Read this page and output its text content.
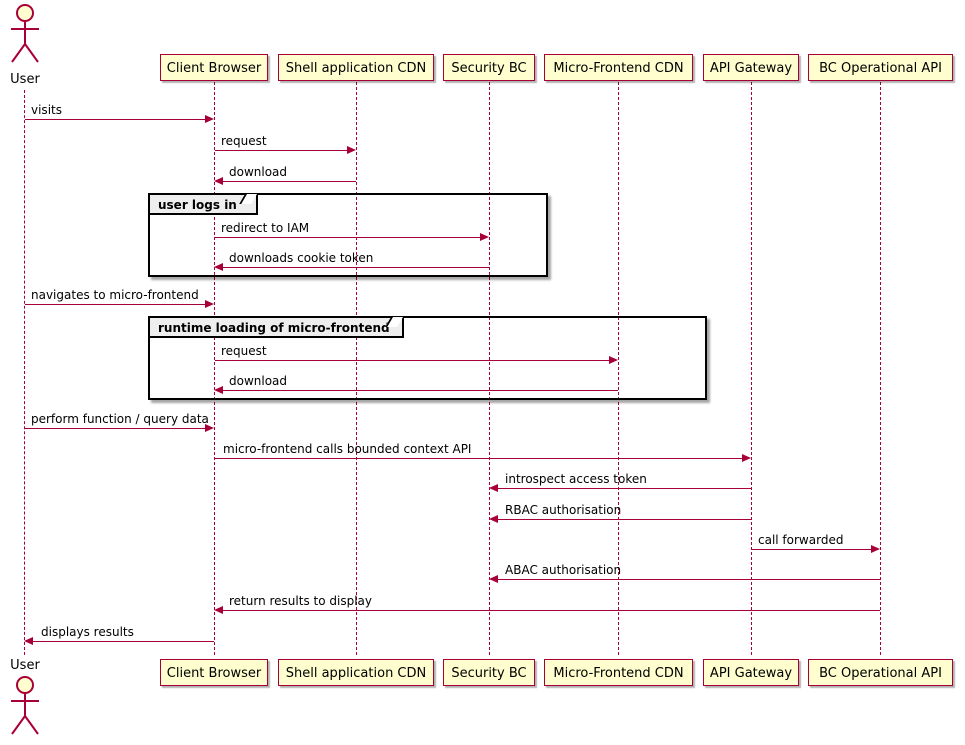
User
User
Client Browser	Shell application CDN	Security BC	Micro-Frontend CDN	API Gateway	BC Operational API
Client Browser	Shell application CDN	Security BC	Micro-Frontend CDN	API Gateway	BC Operational API
user logs in
runtime loading of micro-frontend
visits
request
download
redirect to IAM
downloads cookie token
navigates to micro-frontend
request
download
perform function / query data
micro-frontend calls bounded context API
introspect access token
RBAC authorisation
call forwarded
ABAC authorisation
return results to display
displays results
